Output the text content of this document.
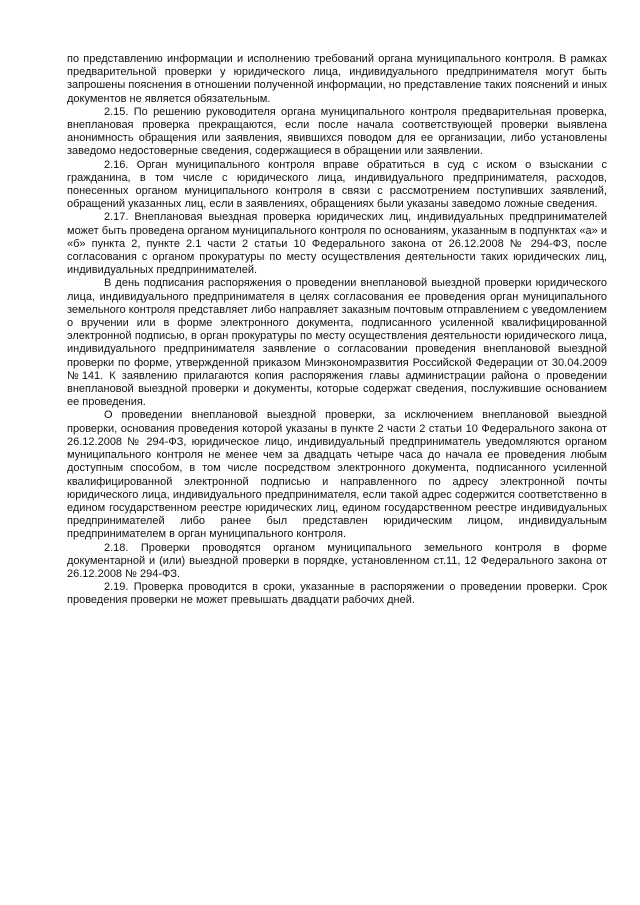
по представлению информации и исполнению требований органа муниципального контроля. В рамках предварительной проверки у юридического лица, индивидуального предпринимателя могут быть запрошены пояснения в отношении полученной информации, но представление таких пояснений и иных документов не является обязательным.

2.15. По решению руководителя органа муниципального контроля предварительная проверка, внеплановая проверка прекращаются, если после начала соответствующей проверки выявлена анонимность обращения или заявления, явившихся поводом для ее организации, либо установлены заведомо недостоверные сведения, содержащиеся в обращении или заявлении.

2.16. Орган муниципального контроля вправе обратиться в суд с иском о взыскании с гражданина, в том числе с юридического лица, индивидуального предпринимателя, расходов, понесенных органом муниципального контроля в связи с рассмотрением поступивших заявлений, обращений указанных лиц, если в заявлениях, обращениях были указаны заведомо ложные сведения.

2.17. Внеплановая выездная проверка юридических лиц, индивидуальных предпринимателей может быть проведена органом муниципального контроля по основаниям, указанным в подпунктах «а» и «б» пункта 2, пункте 2.1 части 2 статьи 10 Федерального закона от 26.12.2008 № 294-ФЗ, после согласования с органом прокуратуры по месту осуществления деятельности таких юридических лиц, индивидуальных предпринимателей.

В день подписания распоряжения о проведении внеплановой выездной проверки юридического лица, индивидуального предпринимателя в целях согласования ее проведения орган муниципального земельного контроля представляет либо направляет заказным почтовым отправлением с уведомлением о вручении или в форме электронного документа, подписанного усиленной квалифицированной электронной подписью, в орган прокуратуры по месту осуществления деятельности юридического лица, индивидуального предпринимателя заявление о согласовании проведения внеплановой выездной проверки по форме, утвержденной приказом Минэкономразвития Российской Федерации от 30.04.2009 №141. К заявлению прилагаются копия распоряжения главы администрации района о проведении внеплановой выездной проверки и документы, которые содержат сведения, послужившие основанием ее проведения.

О проведении внеплановой выездной проверки, за исключением внеплановой выездной проверки, основания проведения которой указаны в пункте 2 части 2 статьи 10 Федерального закона от 26.12.2008 № 294-ФЗ, юридическое лицо, индивидуальный предприниматель уведомляются органом муниципального контроля не менее чем за двадцать четыре часа до начала ее проведения любым доступным способом, в том числе посредством электронного документа, подписанного усиленной квалифицированной электронной подписью и направленного по адресу электронной почты юридического лица, индивидуального предпринимателя, если такой адрес содержится соответственно в едином государственном реестре юридических лиц, едином государственном реестре индивидуальных предпринимателей либо ранее был представлен юридическим лицом, индивидуальным предпринимателем в орган муниципального контроля.

2.18. Проверки проводятся органом муниципального земельного контроля в форме документарной и (или) выездной проверки в порядке, установленном ст.11, 12 Федерального закона от 26.12.2008 № 294-ФЗ.

2.19. Проверка проводится в сроки, указанные в распоряжении о проведении проверки. Срок проведения проверки не может превышать двадцати рабочих дней.
